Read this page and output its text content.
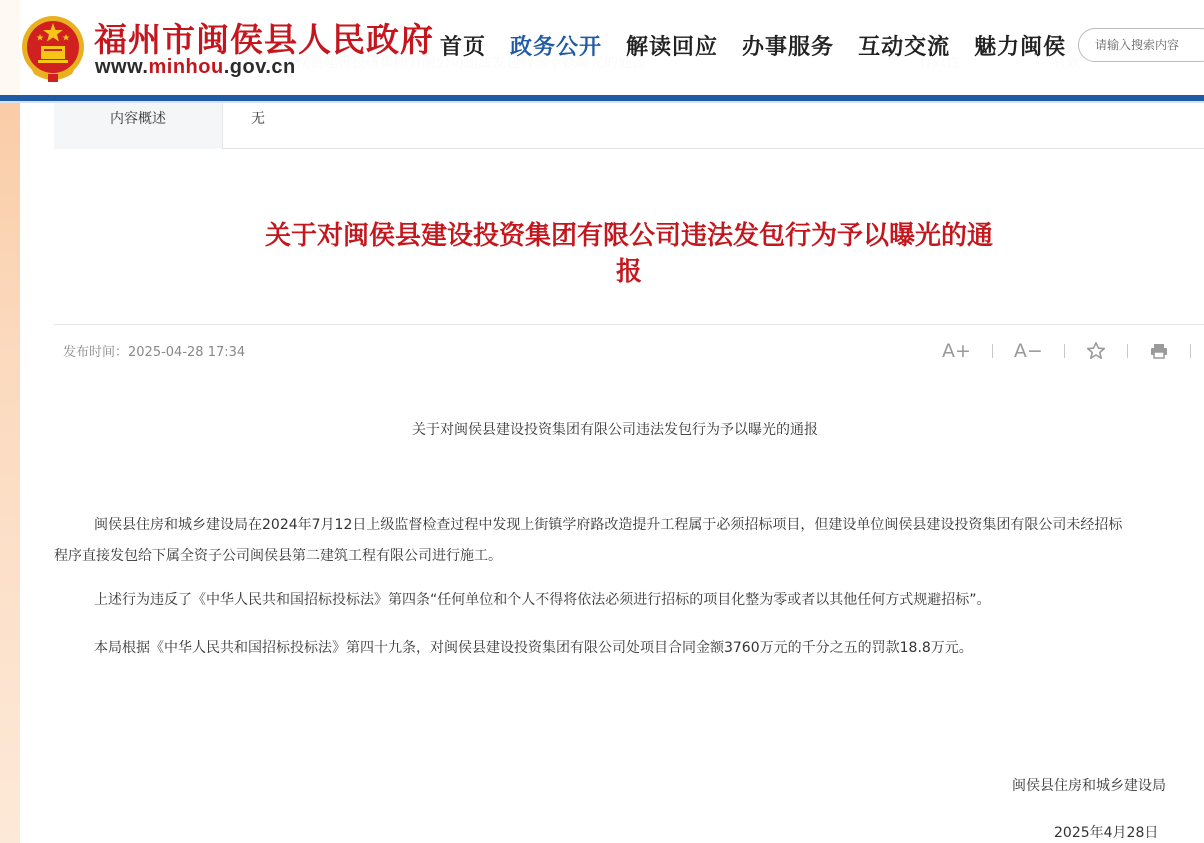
福州市闽侯县人民政府
www.minhou.gov.cn
首页 政务公开 解读回应 办事服务 互动交流 魅力闽侯	请输入搜索内容
内容概述	无
关于对闽侯县建设投资集团有限公司违法发包行为予以曝光的通
报
发布时间：2025-04-28 17:34	A+ A−
关于对闽侯县建设投资集团有限公司违法发包行为予以曝光的通报
闽侯县住房和城乡建设局在2024年7月12日上级监督检查过程中发现上街镇学府路改造提升工程属于必须招标项目，但建设单位闽侯县建设投资集团有限公司未经招标
程序直接发包给下属全资子公司闽侯县第二建筑工程有限公司进行施工。
上述行为违反了《中华人民共和国招标投标法》第四条“任何单位和个人不得将依法必须进行招标的项目化整为零或者以其他任何方式规避招标”。
本局根据《中华人民共和国招标投标法》第四十九条，对闽侯县建设投资集团有限公司处项目合同金额3760万元的千分之五的罚款18.8万元。
闽侯县住房和城乡建设局
2025年4月28日
